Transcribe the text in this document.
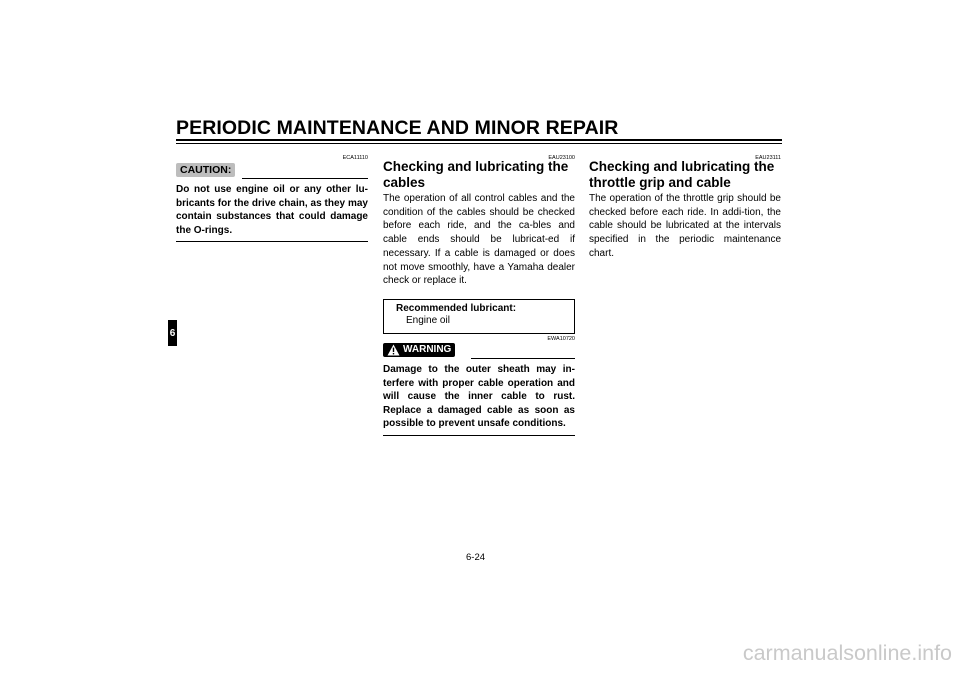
PERIODIC MAINTENANCE AND MINOR REPAIR
6
ECA11110
CAUTION:
Do not use engine oil or any other lu-bricants for the drive chain, as they may contain substances that could damage the O-rings.
EAU23100
Checking and lubricating the cables
The operation of all control cables and the condition of the cables should be checked before each ride, and the ca-bles and cable ends should be lubricat-ed if necessary. If a cable is damaged or does not move smoothly, have a Yamaha dealer check or replace it.
Recommended lubricant:
Engine oil
EWA10720
WARNING
Damage to the outer sheath may in-terfere with proper cable operation and will cause the inner cable to rust. Replace a damaged cable as soon as possible to prevent unsafe conditions.
EAU23111
Checking and lubricating the throttle grip and cable
The operation of the throttle grip should be checked before each ride. In addi-tion, the cable should be lubricated at the intervals specified in the periodic maintenance chart.
6-24
carmanualsonline.info
